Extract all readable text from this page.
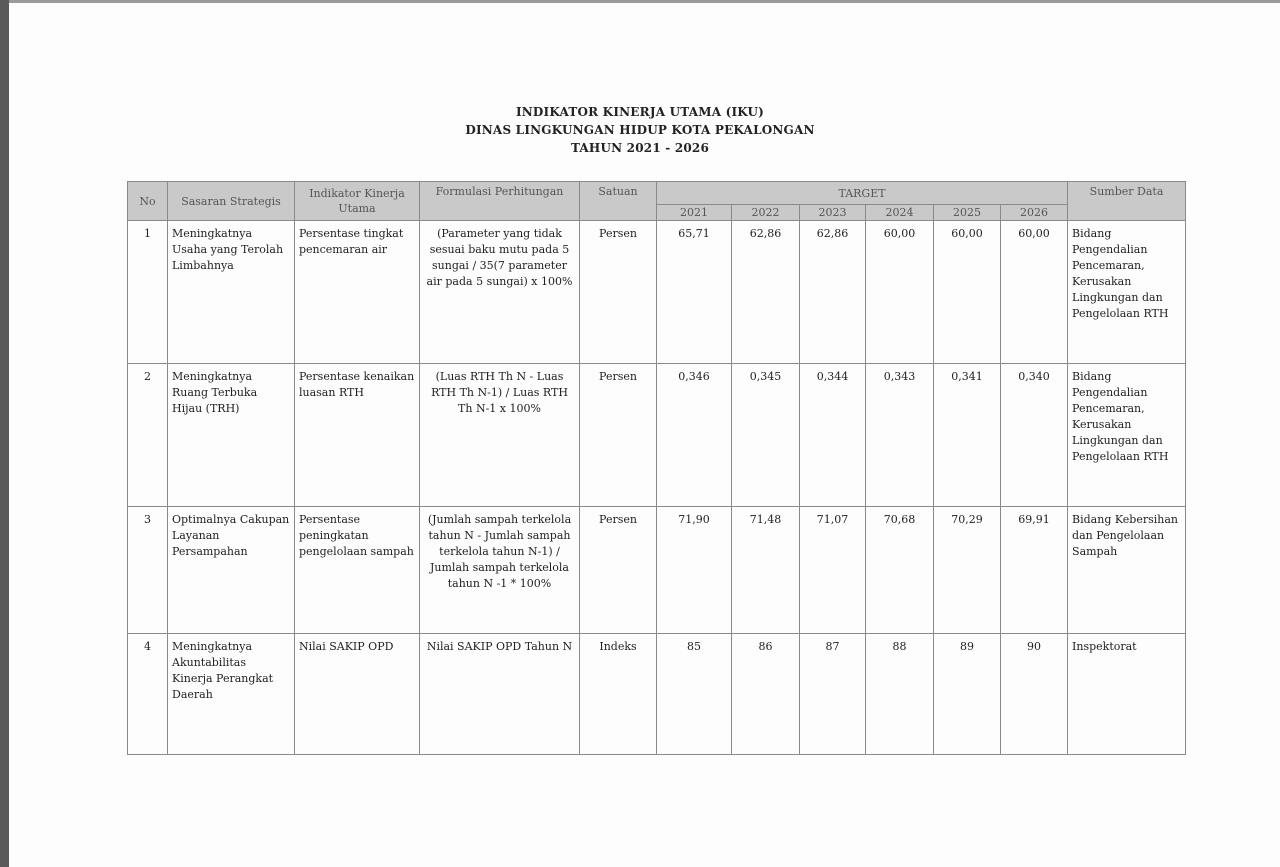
INDIKATOR KINERJA UTAMA (IKU)
DINAS LINGKUNGAN HIDUP KOTA PEKALONGAN
TAHUN 2021 - 2026
No	Sasaran Strategis	Indikator Kinerja Utama	Formulasi Perhitungan	Satuan	TARGET						Sumber Data
					2021	2022	2023	2024	2025	2026	
1	Meningkatnya Usaha yang Terolah Limbahnya	Persentase tingkat pencemaran air	(Parameter yang tidak sesuai baku mutu pada 5 sungai / 35(7 parameter air pada 5 sungai) x 100%	Persen	65,71	62,86	62,86	60,00	60,00	60,00	Bidang Pengendalian Pencemaran, Kerusakan Lingkungan dan Pengelolaan RTH
2	Meningkatnya Ruang Terbuka Hijau (TRH)	Persentase kenaikan luasan RTH	(Luas RTH Th N - Luas RTH Th N-1) / Luas RTH Th N-1 x 100%	Persen	0,346	0,345	0,344	0,343	0,341	0,340	Bidang Pengendalian Pencemaran, Kerusakan Lingkungan dan Pengelolaan RTH
3	Optimalnya Cakupan Layanan Persampahan	Persentase peningkatan pengelolaan sampah	(Jumlah sampah terkelola tahun N - Jumlah sampah terkelola tahun N-1) / Jumlah sampah terkelola tahun N -1 * 100%	Persen	71,90	71,48	71,07	70,68	70,29	69,91	Bidang Kebersihan dan Pengelolaan Sampah
4	Meningkatnya Akuntabilitas Kinerja Perangkat Daerah	Nilai SAKIP OPD	Nilai SAKIP OPD Tahun N	Indeks	85	86	87	88	89	90	Inspektorat
